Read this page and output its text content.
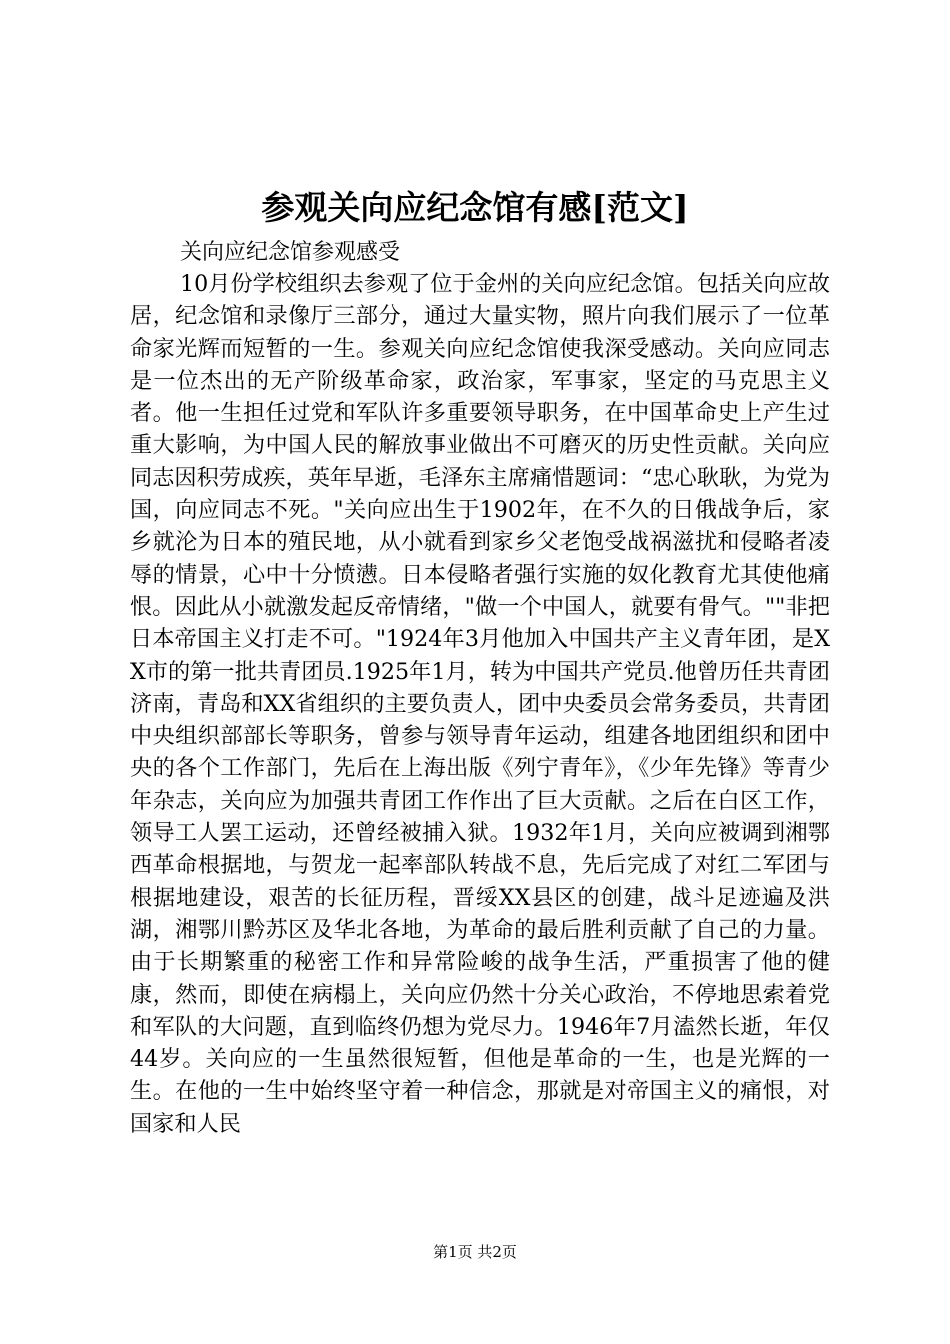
参观关向应纪念馆有感[范文]
关向应纪念馆参观感受

10月份学校组织去参观了位于金州的关向应纪念馆。包括关向应故居，纪念馆和录像厅三部分，通过大量实物，照片向我们展示了一位革命家光辉而短暂的一生。参观关向应纪念馆使我深受感动。关向应同志是一位杰出的无产阶级革命家，政治家，军事家，坚定的马克思主义者。他一生担任过党和军队许多重要领导职务，在中国革命史上产生过重大影响，为中国人民的解放事业做出不可磨灭的历史性贡献。关向应同志因积劳成疾，英年早逝，毛泽东主席痛惜题词：“忠心耿耿，为党为国，向应同志不死。"关向应出生于1902年，在不久的日俄战争后，家乡就沦为日本的殖民地，从小就看到家乡父老饱受战祸滋扰和侵略者凌辱的情景，心中十分愤懑。日本侵略者强行实施的奴化教育尤其使他痛恨。因此从小就激发起反帝情绪，"做一个中国人，就要有骨气。""非把日本帝国主义打走不可。"1924年3月他加入中国共产主义青年团，是XX市的第一批共青团员.1925年1月，转为中国共产党员.他曾历任共青团济南，青岛和XX省组织的主要负责人，团中央委员会常务委员，共青团中央组织部部长等职务，曾参与领导青年运动，组建各地团组织和团中央的各个工作部门，先后在上海出版《列宁青年》，《少年先锋》等青少年杂志，关向应为加强共青团工作作出了巨大贡献。之后在白区工作，领导工人罢工运动，还曾经被捕入狱。1932年1月，关向应被调到湘鄂西革命根据地，与贺龙一起率部队转战不息，先后完成了对红二军团与根据地建设，艰苦的长征历程，晋绥XX县区的创建，战斗足迹遍及洪湖，湘鄂川黔苏区及华北各地，为革命的最后胜利贡献了自己的力量。由于长期繁重的秘密工作和异常险峻的战争生活，严重损害了他的健康，然而，即使在病榻上，关向应仍然十分关心政治，不停地思索着党和军队的大问题，直到临终仍想为党尽力。1946年7月溘然长逝，年仅44岁。关向应的一生虽然很短暂，但他是革命的一生，也是光辉的一生。在他的一生中始终坚守着一种信念，那就是对帝国主义的痛恨，对国家和人民

第1页 共2页
